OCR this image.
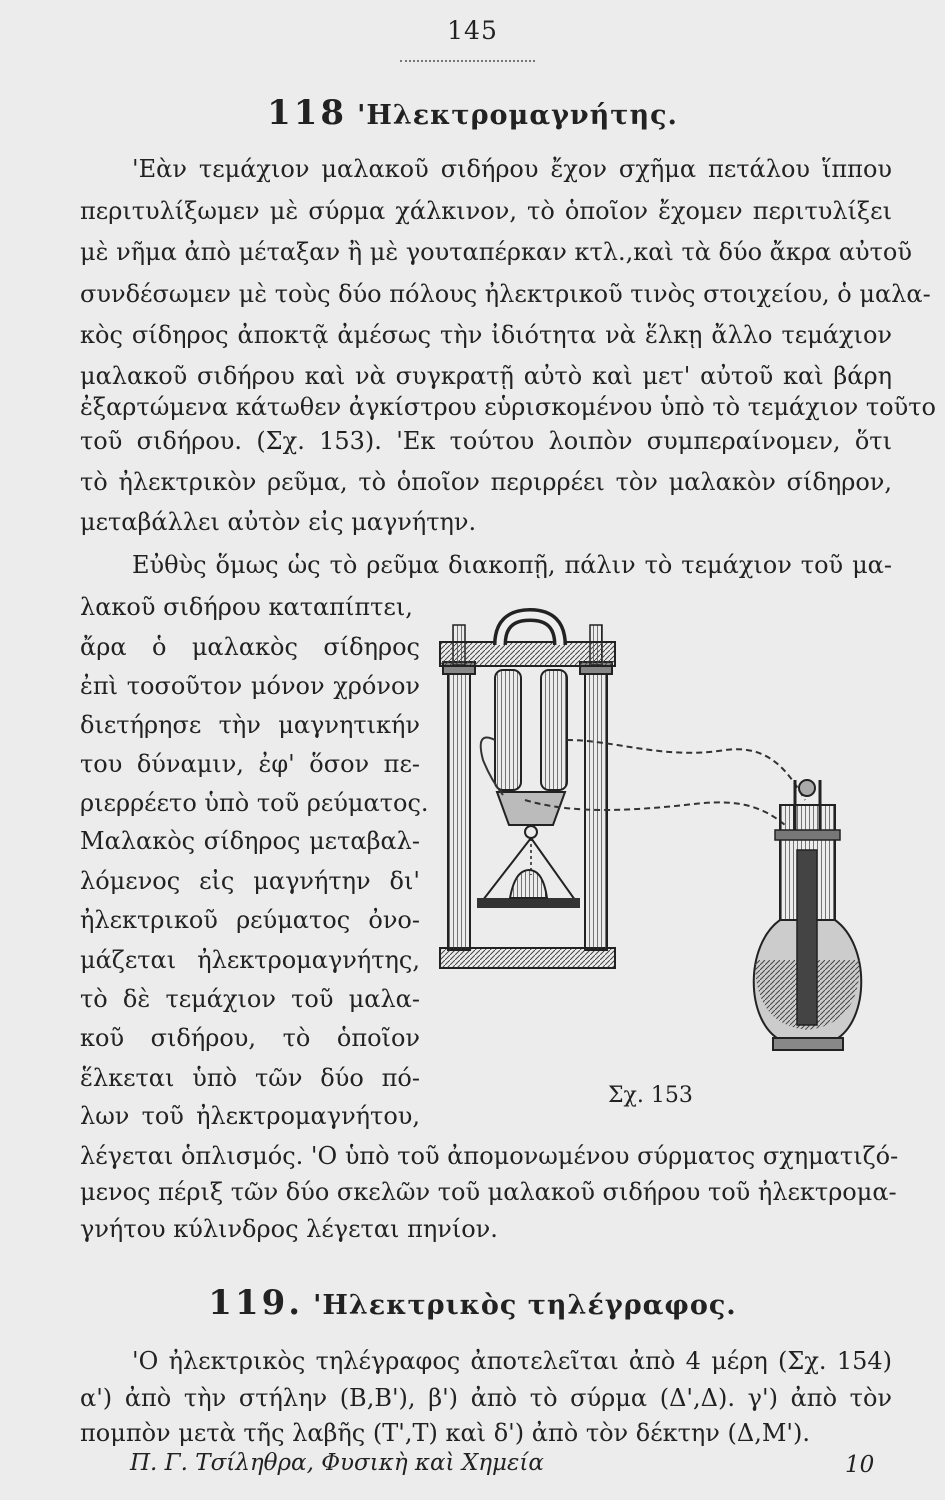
145
118 'Ηλεκτρομαγνήτης.
'Εὰν τεμάχιον μαλακοῦ σιδήρου ἔχον σχῆμα πετάλου ἵππου
περιτυλίξωμεν μὲ σύρμα χάλκινον, τὸ ὁποῖον ἔχομεν περιτυλίξει
μὲ νῆμα ἀπὸ μέταξαν ἢ μὲ γουταπέρκαν κτλ.,καὶ τὰ δύο ἄκρα αὐτοῦ
συνδέσωμεν μὲ τοὺς δύο πόλους ἠλεκτρικοῦ τινὸς στοιχείου, ὁ μαλα-
κὸς σίδηρος ἀποκτᾷ ἀμέσως τὴν ἰδιότητα νὰ ἕλκῃ ἄλλο τεμάχιον
μαλακοῦ σιδήρου καὶ νὰ συγκρατῇ αὐτὸ καὶ μετ' αὐτοῦ καὶ βάρη
ἐξαρτώμενα κάτωθεν ἀγκίστρου εὑρισκομένου ὑπὸ τὸ τεμάχιον τοῦτο
τοῦ σιδήρου. (Σχ. 153). 'Εκ τούτου λοιπὸν συμπεραίνομεν, ὅτι
τὸ ἠλεκτρικὸν ρεῦμα, τὸ ὁποῖον περιρρέει τὸν μαλακὸν σίδηρον,
μεταβάλλει αὐτὸν εἰς μαγνήτην.
Εὐθὺς ὅμως ὡς τὸ ρεῦμα διακοπῇ, πάλιν τὸ τεμάχιον τοῦ μα-
λακοῦ σιδήρου καταπίπτει,
ἄρα ὁ μαλακὸς σίδηρος
ἐπὶ τοσοῦτον μόνον χρόνον
διετήρησε τὴν μαγνητικήν
του δύναμιν, ἐφ' ὅσον πε-
ριερρέετο ὑπὸ τοῦ ρεύματος.
Μαλακὸς σίδηρος μεταβαλ-
λόμενος εἰς μαγνήτην δι'
ἠλεκτρικοῦ ρεύματος ὀνο-
μάζεται ἠλεκτρομαγνήτης,
τὸ δὲ τεμάχιον τοῦ μαλα-
κοῦ σιδήρου, τὸ ὁποῖον
ἕλκεται ὑπὸ τῶν δύο πό-
λων τοῦ ἠλεκτρομαγνήτου,
λέγεται ὁπλισμός. 'Ο ὑπὸ τοῦ ἀπομονωμένου σύρματος σχηματιζό-
μενος πέριξ τῶν δύο σκελῶν τοῦ μαλακοῦ σιδήρου τοῦ ἠλεκτρομα-
γνήτου κύλινδρος λέγεται πηνίον.
Σχ. 153
119. 'Ηλεκτρικὸς τηλέγραφος.
'Ο ἠλεκτρικὸς τηλέγραφος ἀποτελεῖται ἀπὸ 4 μέρη (Σχ. 154)
α') ἀπὸ τὴν στήλην (Β,Β'), β') ἀπὸ τὸ σύρμα (Δ',Δ). γ') ἀπὸ τὸν
πομπὸν μετὰ τῆς λαβῆς (Τ',Τ) καὶ δ') ἀπὸ τὸν δέκτην (Δ,Μ').
Π. Γ. Τσίληθρα, Φυσικὴ καὶ Χημεία	10
